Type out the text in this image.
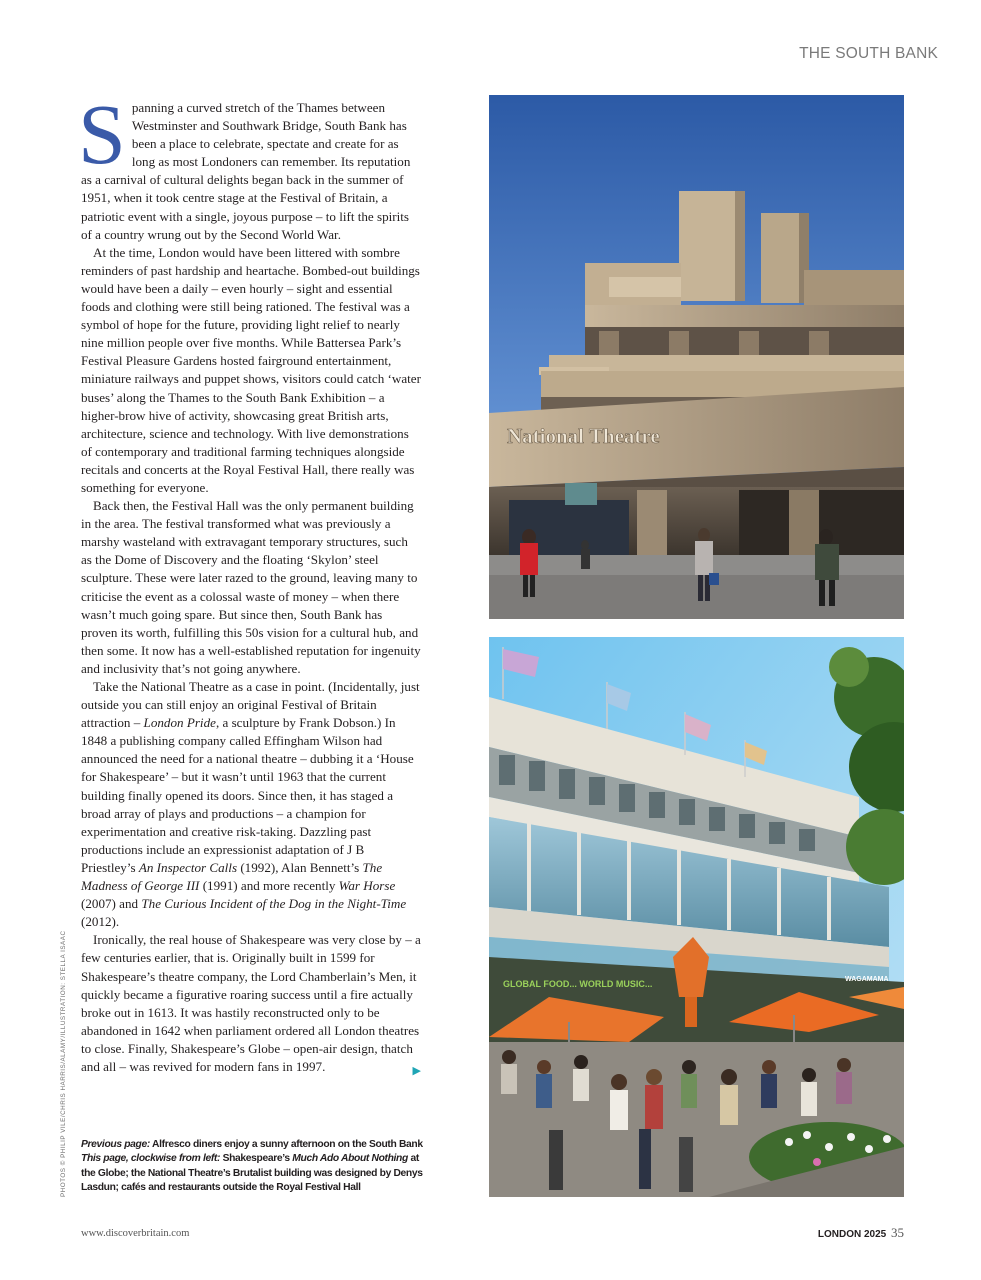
THE SOUTH BANK

Spanning a curved stretch of the Thames between Westminster and Southwark Bridge, South Bank has been a place to celebrate, spectate and create for as long as most Londoners can remember. Its reputation as a carnival of cultural delights began back in the summer of 1951, when it took centre stage at the Festival of Britain, a patriotic event with a single, joyous purpose – to lift the spirits of a country wrung out by the Second World War.

At the time, London would have been littered with sombre reminders of past hardship and heartache. Bombed-out buildings would have been a daily – even hourly – sight and essential foods and clothing were still being rationed. The festival was a symbol of hope for the future, providing light relief to nearly nine million people over five months. While Battersea Park’s Festival Pleasure Gardens hosted fairground entertainment, miniature railways and puppet shows, visitors could catch ‘water buses’ along the Thames to the South Bank Exhibition – a higher-brow hive of activity, showcasing great British arts, architecture, science and technology. With live demonstrations of contemporary and traditional farming techniques alongside recitals and concerts at the Royal Festival Hall, there really was something for everyone.

Back then, the Festival Hall was the only permanent building in the area. The festival transformed what was previously a marshy wasteland with extravagant temporary structures, such as the Dome of Discovery and the floating ‘Skylon’ steel sculpture. These were later razed to the ground, leaving many to criticise the event as a colossal waste of money – when there wasn’t much going spare. But since then, South Bank has proven its worth, fulfilling this 50s vision for a cultural hub, and then some. It now has a well-established reputation for ingenuity and inclusivity that’s not going anywhere.

Take the National Theatre as a case in point. (Incidentally, just outside you can still enjoy an original Festival of Britain attraction – London Pride, a sculpture by Frank Dobson.) In 1848 a publishing company called Effingham Wilson had announced the need for a national theatre – dubbing it a ‘House for Shakespeare’ – but it wasn’t until 1963 that the current building finally opened its doors. Since then, it has staged a broad array of plays and productions – a champion for experimentation and creative risk-taking. Dazzling past productions include an expressionist adaptation of J B Priestley’s An Inspector Calls (1992), Alan Bennett’s The Madness of George III (1991) and more recently War Horse (2007) and The Curious Incident of the Dog in the Night-Time (2012).

Ironically, the real house of Shakespeare was very close by – a few centuries earlier, that is. Originally built in 1599 for Shakespeare’s theatre company, the Lord Chamberlain’s Men, it quickly became a figurative roaring success until a fire actually broke out in 1613. It was hastily reconstructed only to be abandoned in 1642 when parliament ordered all London theatres to close. Finally, Shakespeare’s Globe – open-air design, thatch and all – was revived for modern fans in 1997.	▶

Previous page: Alfresco diners enjoy a sunny afternoon on the South Bank
This page, clockwise from left: Shakespeare’s Much Ado About Nothing at the Globe; the National Theatre’s Brutalist building was designed by Denys Lasdun; cafés and restaurants outside the Royal Festival Hall
PHOTOS © PHILIP VILE/CHRIS HARRIS/ALAMY/ILLUSTRATION: STELLA ISAAC
National Theatre
GLOBAL FOOD... WORLD MUSIC...	WAGAMAMA
www.discoverbritain.com	LONDON 2025 35
